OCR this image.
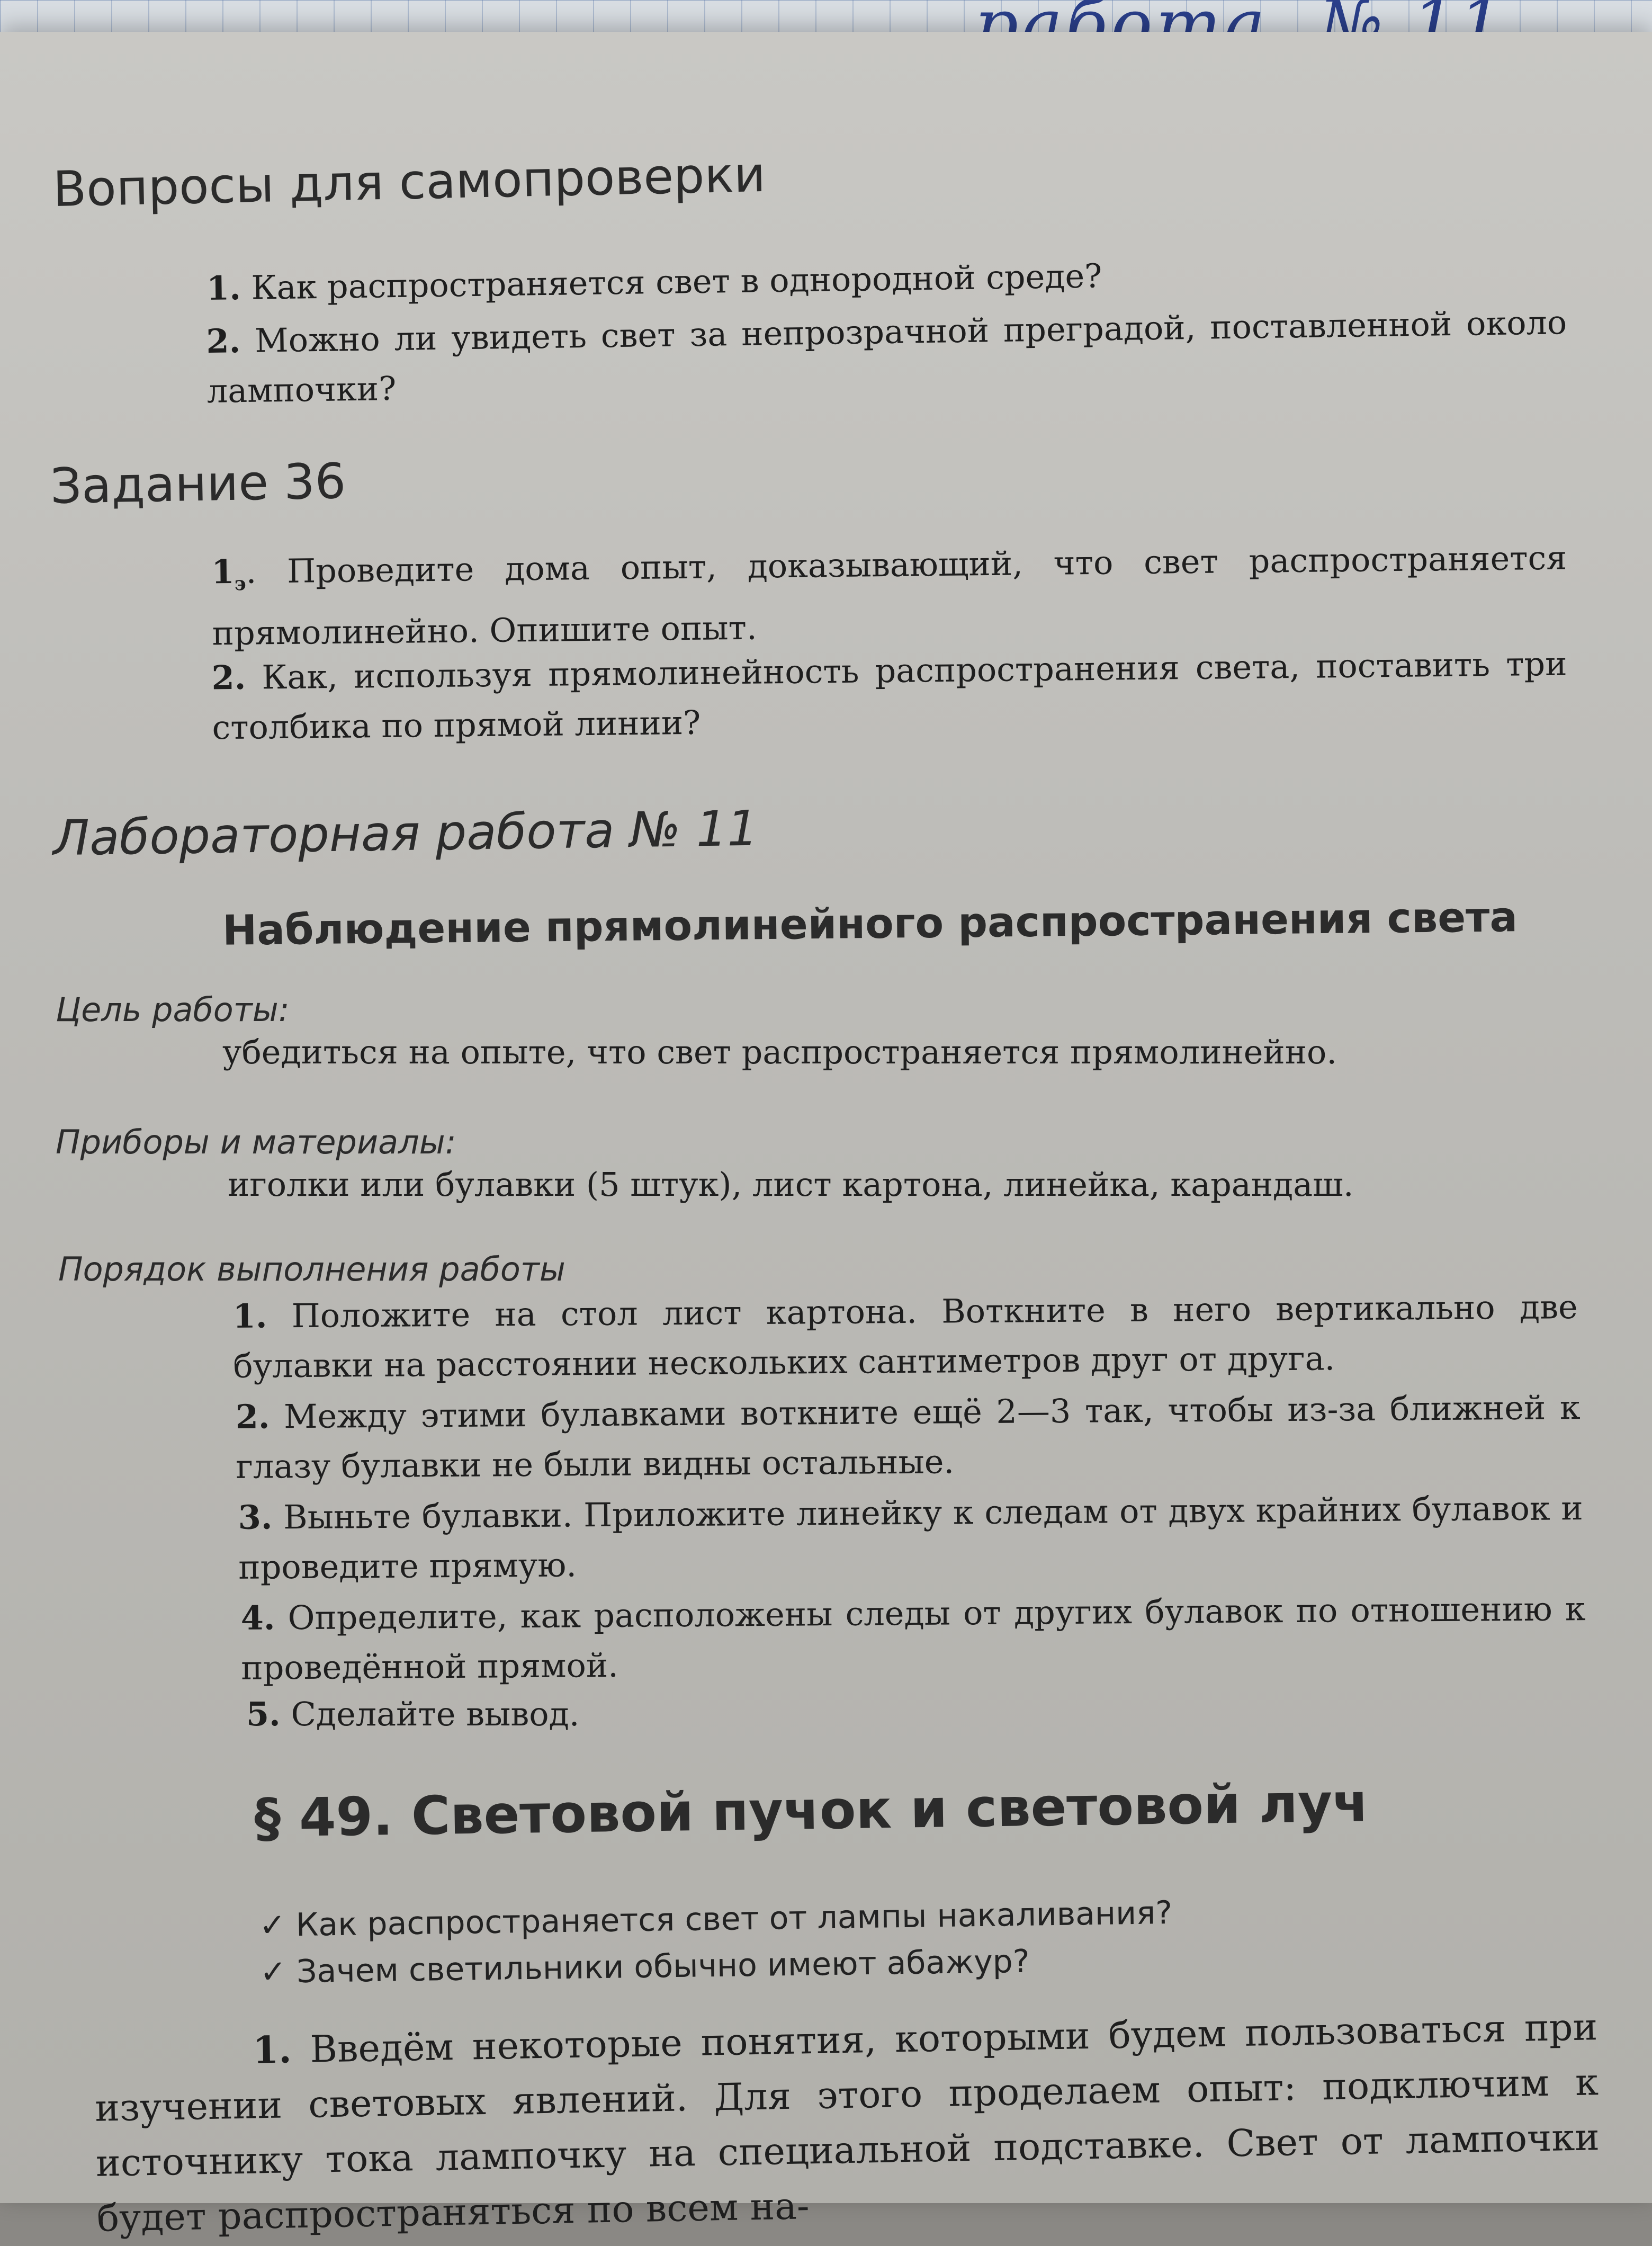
Вопросы для самопроверки

1. Как распространяется свет в однородной среде?

2. Можно ли увидеть свет за непрозрачной преградой, поставленной около лампочки?

Задание 36

$1_э$. Проведите дома опыт, доказывающий, что свет распространяется прямолинейно. Опишите опыт.

2. Как, используя прямолинейность распространения света, поставить три столбика по прямой линии?

Лабораторная работа № 11
Наблюдение прямолинейного распространения света
Цель работы:

убедиться на опыте, что свет распространяется прямолинейно.

Приборы и материалы:

иголки или булавки (5 штук), лист картона, линейка, карандаш.

Порядок выполнения работы

1. Положите на стол лист картона. Воткните в него вертикально две булавки на расстоянии нескольких сантиметров друг от друга.

2. Между этими булавками воткните ещё 2—3 так, чтобы из-за ближней к глазу булавки не были видны остальные.

3. Выньте булавки. Приложите линейку к следам от двух крайних булавок и проведите прямую.

4. Определите, как расположены следы от других булавок по отношению к проведённой прямой.

5. Сделайте вывод.

§ 49. Световой пучок и световой луч
✓ Как распространяется свет от лампы накаливания?
✓ Зачем светильники обычно имеют абажур?

1. Введём некоторые понятия, которыми будем пользоваться при изучении световых явлений. Для этого проделаем опыт: подключим к источнику тока лампочку на специальной подставке. Свет от лампочки будет распространяться по всем на-
